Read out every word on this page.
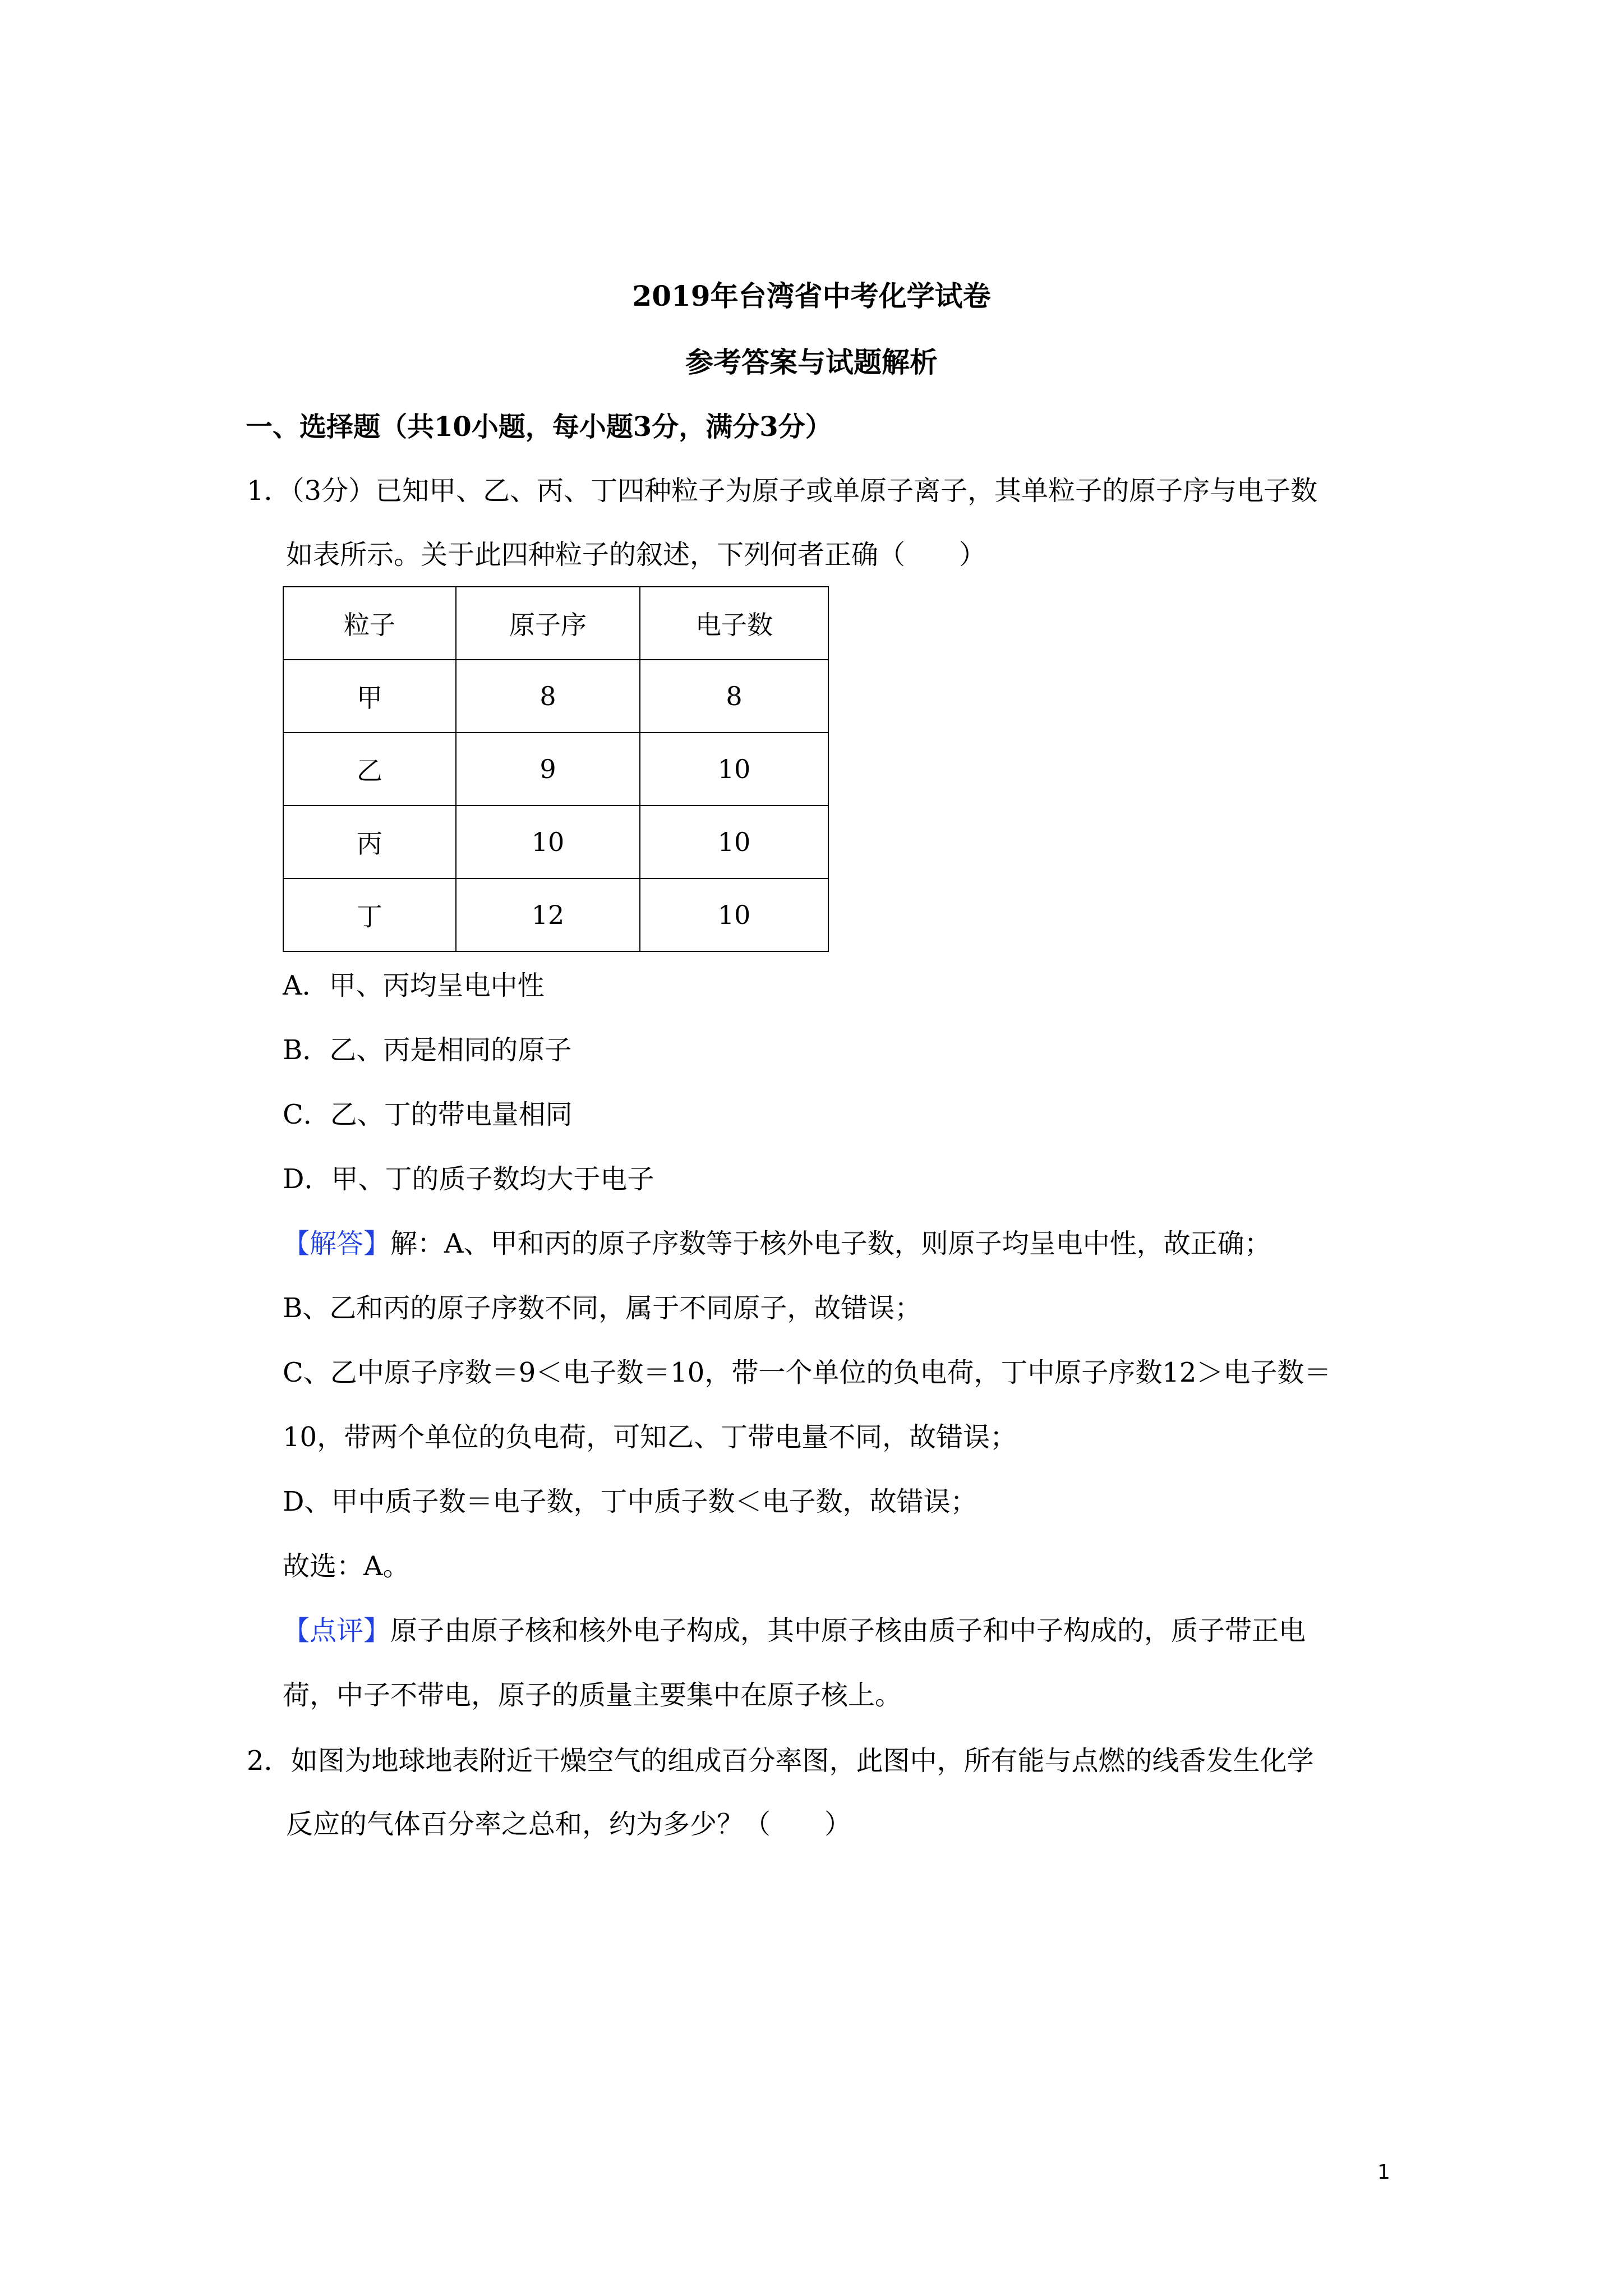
2019年台湾省中考化学试卷
参考答案与试题解析
一、选择题（共10小题，每小题3分，满分3分）
1．（3分）已知甲、乙、丙、丁四种粒子为原子或单原子离子，其单粒子的原子序与电子数
如表所示。关于此四种粒子的叙述，下列何者正确（　　）
粒子	原子序	电子数
甲	8	8
乙	9	10
丙	10	10
丁	12	10
A．甲、丙均呈电中性
B．乙、丙是相同的原子
C．乙、丁的带电量相同
D．甲、丁的质子数均大于电子
【解答】解：A、甲和丙的原子序数等于核外电子数，则原子均呈电中性，故正确；
B、乙和丙的原子序数不同，属于不同原子，故错误；
C、乙中原子序数＝9＜电子数＝10，带一个单位的负电荷，丁中原子序数12＞电子数＝
10，带两个单位的负电荷，可知乙、丁带电量不同，故错误；
D、甲中质子数＝电子数，丁中质子数＜电子数，故错误；
故选：A。
【点评】原子由原子核和核外电子构成，其中原子核由质子和中子构成的，质子带正电
荷，中子不带电，原子的质量主要集中在原子核上。
2．如图为地球地表附近干燥空气的组成百分率图，此图中，所有能与点燃的线香发生化学
反应的气体百分率之总和，约为多少？（　　）
1
